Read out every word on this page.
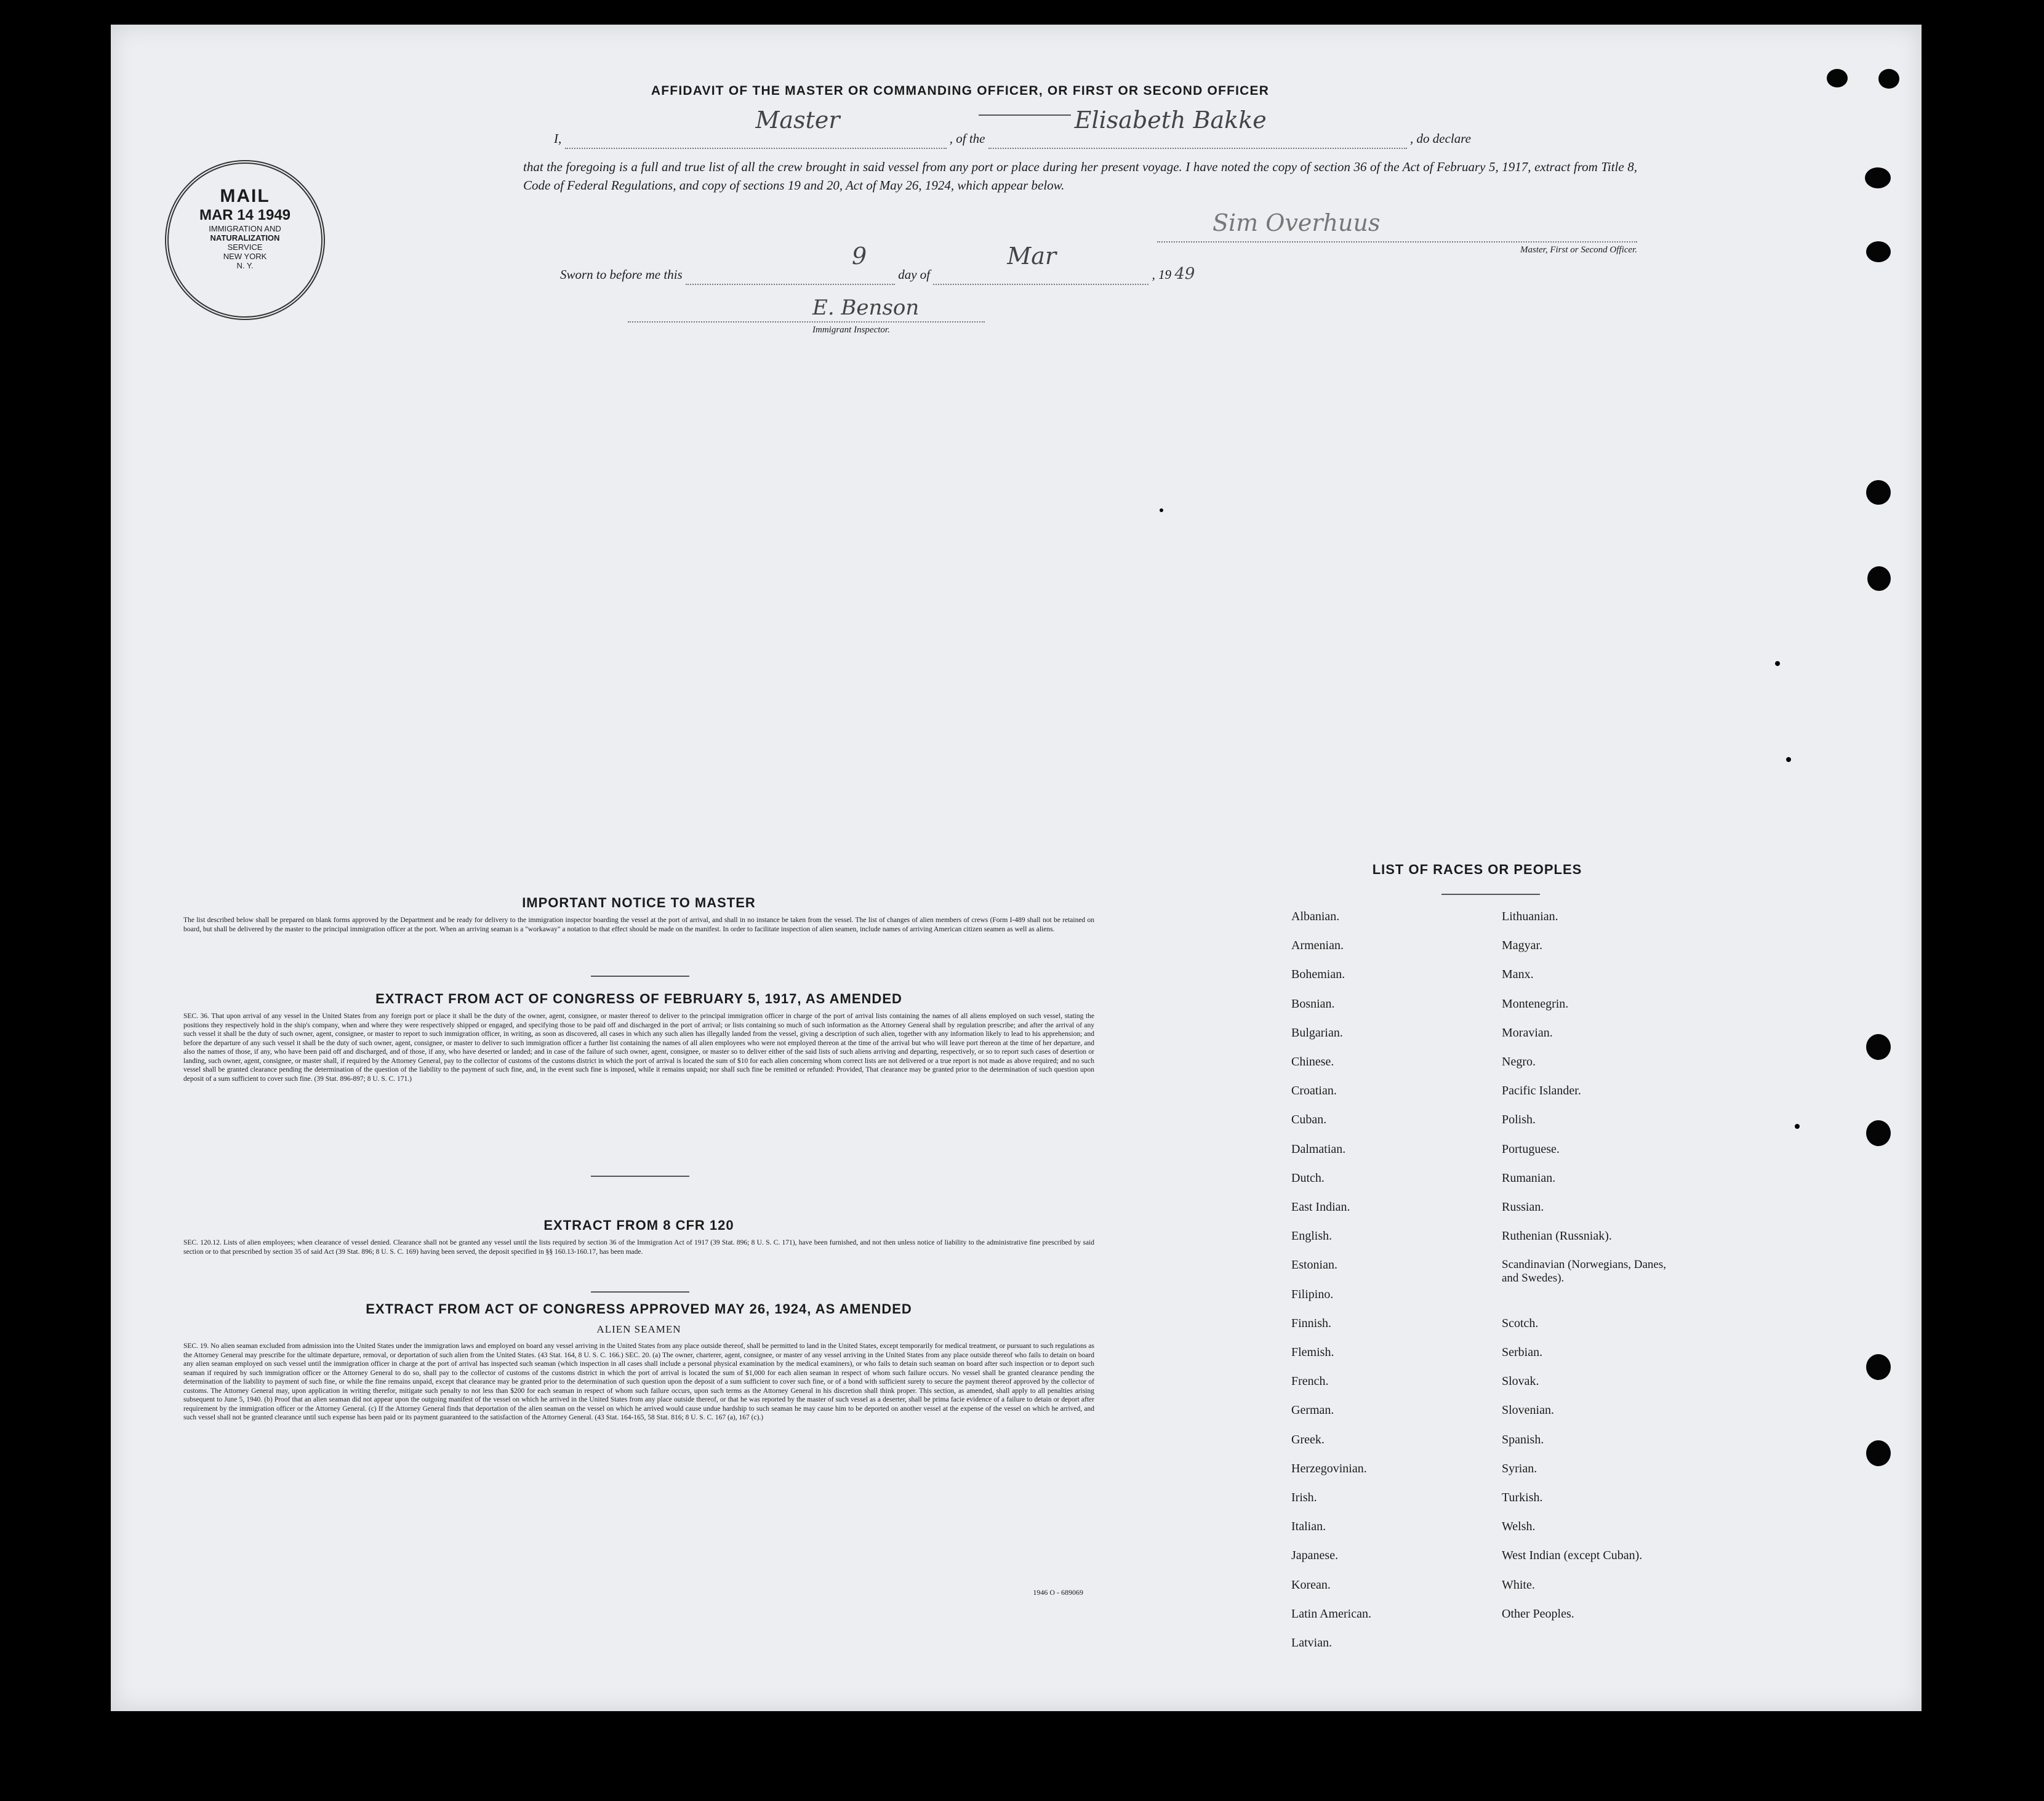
AFFIDAVIT OF THE MASTER OR COMMANDING OFFICER, OR FIRST OR SECOND OFFICER
I,
Master
, of the
Elisabeth Bakke
, do declare
that the foregoing is a full and true list of all the crew brought in said vessel from any port or place during her present voyage. I have noted the copy of section 36 of the Act of February 5, 1917, extract from Title 8, Code of Federal Regulations, and copy of sections 19 and 20, Act of May 26, 1924, which appear below.
Sim Overhuus
Master, First or Second Officer.
Sworn to before me this
9
day of
Mar
, 19 49
E. Benson
Immigrant Inspector.
MAIL
MAR 14 1949
IMMIGRATION AND
NATURALIZATION
SERVICE
NEW YORK
N. Y.
IMPORTANT NOTICE TO MASTER
The list described below shall be prepared on blank forms approved by the Department and be ready for delivery to the immigration inspector boarding the vessel at the port of arrival, and shall in no instance be taken from the vessel. The list of changes of alien members of crews (Form I-489 shall not be retained on board, but shall be delivered by the master to the principal immigration officer at the port. When an arriving seaman is a "workaway" a notation to that effect should be made on the manifest. In order to facilitate inspection of alien seamen, include names of arriving American citizen seamen as well as aliens.
EXTRACT FROM ACT OF CONGRESS OF FEBRUARY 5, 1917, AS AMENDED
SEC. 36. That upon arrival of any vessel in the United States from any foreign port or place it shall be the duty of the owner, agent, consignee, or master thereof to deliver to the principal immigration officer in charge of the port of arrival lists containing the names of all aliens employed on such vessel, stating the positions they respectively hold in the ship's company, when and where they were respectively shipped or engaged, and specifying those to be paid off and discharged in the port of arrival; or lists containing so much of such information as the Attorney General shall by regulation prescribe; and after the arrival of any such vessel it shall be the duty of such owner, agent, consignee, or master to report to such immigration officer, in writing, as soon as discovered, all cases in which any such alien has illegally landed from the vessel, giving a description of such alien, together with any information likely to lead to his apprehension; and before the departure of any such vessel it shall be the duty of such owner, agent, consignee, or master to deliver to such immigration officer a further list containing the names of all alien employees who were not employed thereon at the time of the arrival but who will leave port thereon at the time of her departure, and also the names of those, if any, who have been paid off and discharged, and of those, if any, who have deserted or landed; and in case of the failure of such owner, agent, consignee, or master so to deliver either of the said lists of such aliens arriving and departing, respectively, or so to report such cases of desertion or landing, such owner, agent, consignee, or master shall, if required by the Attorney General, pay to the collector of customs of the customs district in which the port of arrival is located the sum of $10 for each alien concerning whom correct lists are not delivered or a true report is not made as above required; and no such vessel shall be granted clearance pending the determination of the question of the liability to the payment of such fine, and, in the event such fine is imposed, while it remains unpaid; nor shall such fine be remitted or refunded: Provided, That clearance may be granted prior to the determination of such question upon deposit of a sum sufficient to cover such fine. (39 Stat. 896-897; 8 U. S. C. 171.)
EXTRACT FROM 8 CFR 120
SEC. 120.12. Lists of alien employees; when clearance of vessel denied. Clearance shall not be granted any vessel until the lists required by section 36 of the Immigration Act of 1917 (39 Stat. 896; 8 U. S. C. 171), have been furnished, and not then unless notice of liability to the administrative fine prescribed by said section or to that prescribed by section 35 of said Act (39 Stat. 896; 8 U. S. C. 169) having been served, the deposit specified in §§ 160.13-160.17, has been made.
EXTRACT FROM ACT OF CONGRESS APPROVED MAY 26, 1924, AS AMENDED
ALIEN SEAMEN
SEC. 19. No alien seaman excluded from admission into the United States under the immigration laws and employed on board any vessel arriving in the United States from any place outside thereof, shall be permitted to land in the United States, except temporarily for medical treatment, or pursuant to such regulations as the Attorney General may prescribe for the ultimate departure, removal, or deportation of such alien from the United States. (43 Stat. 164, 8 U. S. C. 166.) SEC. 20. (a) The owner, charterer, agent, consignee, or master of any vessel arriving in the United States from any place outside thereof who fails to detain on board any alien seaman employed on such vessel until the immigration officer in charge at the port of arrival has inspected such seaman (which inspection in all cases shall include a personal physical examination by the medical examiners), or who fails to detain such seaman on board after such inspection or to deport such seaman if required by such immigration officer or the Attorney General to do so, shall pay to the collector of customs of the customs district in which the port of arrival is located the sum of $1,000 for each alien seaman in respect of whom such failure occurs. No vessel shall be granted clearance pending the determination of the liability to payment of such fine, or while the fine remains unpaid, except that clearance may be granted prior to the determination of such question upon the deposit of a sum sufficient to cover such fine, or of a bond with sufficient surety to secure the payment thereof approved by the collector of customs. The Attorney General may, upon application in writing therefor, mitigate such penalty to not less than $200 for each seaman in respect of whom such failure occurs, upon such terms as the Attorney General in his discretion shall think proper. This section, as amended, shall apply to all penalties arising subsequent to June 5, 1940. (b) Proof that an alien seaman did not appear upon the outgoing manifest of the vessel on which he arrived in the United States from any place outside thereof, or that he was reported by the master of such vessel as a deserter, shall be prima facie evidence of a failure to detain or deport after requirement by the immigration officer or the Attorney General. (c) If the Attorney General finds that deportation of the alien seaman on the vessel on which he arrived would cause undue hardship to such seaman he may cause him to be deported on another vessel at the expense of the vessel on which he arrived, and such vessel shall not be granted clearance until such expense has been paid or its payment guaranteed to the satisfaction of the Attorney General. (43 Stat. 164-165, 58 Stat. 816; 8 U. S. C. 167 (a), 167 (c).)
1946 O - 689069
LIST OF RACES OR PEOPLES
Albanian.
Armenian.
Bohemian.
Bosnian.
Bulgarian.
Chinese.
Croatian.
Cuban.
Dalmatian.
Dutch.
East Indian.
English.
Estonian.
Filipino.
Finnish.
Flemish.
French.
German.
Greek.
Herzegovinian.
Irish.
Italian.
Japanese.
Korean.
Latin American.
Latvian.
Lithuanian.
Magyar.
Manx.
Montenegrin.
Moravian.
Negro.
Pacific Islander.
Polish.
Portuguese.
Rumanian.
Russian.
Ruthenian (Russniak).
Scandinavian (Norwegians, Danes, and Swedes).
Scotch.
Serbian.
Slovak.
Slovenian.
Spanish.
Syrian.
Turkish.
Welsh.
West Indian (except Cuban).
White.
Other Peoples.
